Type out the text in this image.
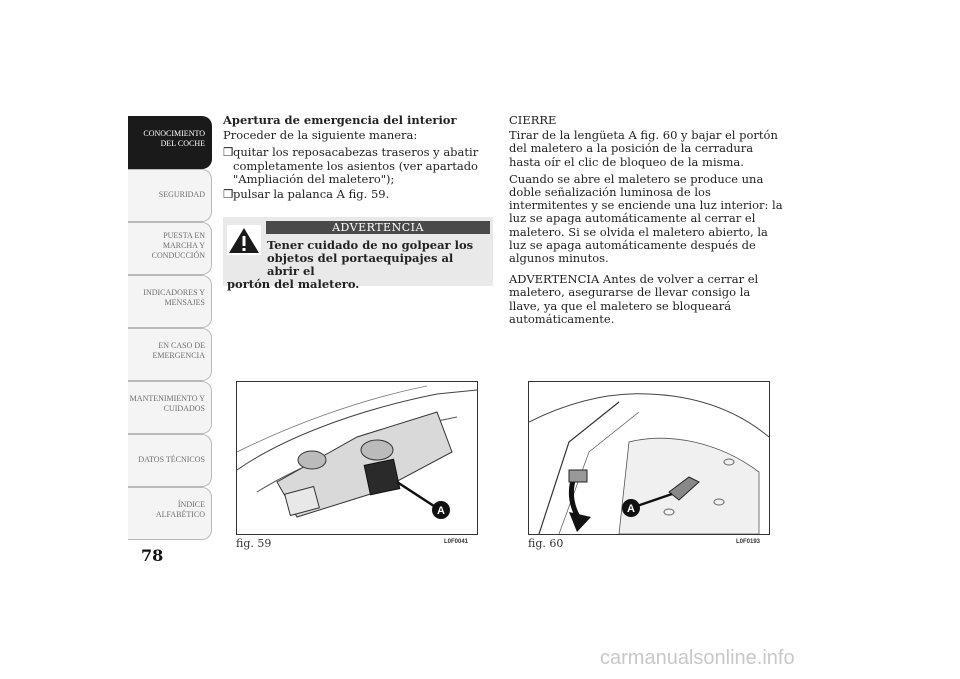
CONOCIMIENTO
DEL COCHE
SEGURIDAD
PUESTA EN
MARCHA Y
CONDUCCIÓN
INDICADORES Y
MENSAJES
EN CASO DE
EMERGENCIA
MANTENIMIENTO Y
CUIDADOS
DATOS TÉCNICOS
ÍNDICE
ALFABÉTICO
78
Apertura de emergencia del interior

Proceder de la siguiente manera:

❒ quitar los reposacabezas traseros y abatir completamente los asientos (ver apartado "Ampliación del maletero");
❒ pulsar la palanca A fig. 59.
ADVERTENCIA
Tener cuidado de no golpear los
objetos del portaequipajes al abrir el
portón del maletero.
CIERRE

Tirar de la lengüeta A fig. 60 y bajar el portón del maletero a la posición de la cerradura hasta oír el clic de bloqueo de la misma.

Cuando se abre el maletero se produce una doble señalización luminosa de los intermitentes y se enciende una luz interior: la luz se apaga automáticamente al cerrar el maletero. Si se olvida el maletero abierto, la luz se apaga automáticamente después de algunos minutos.

ADVERTENCIA Antes de volver a cerrar el maletero, asegurarse de llevar consigo la llave, ya que el maletero se bloqueará automáticamente.

A
fig. 59	L0F0041
A
fig. 60	L0F0193
carmanualsonline.info
